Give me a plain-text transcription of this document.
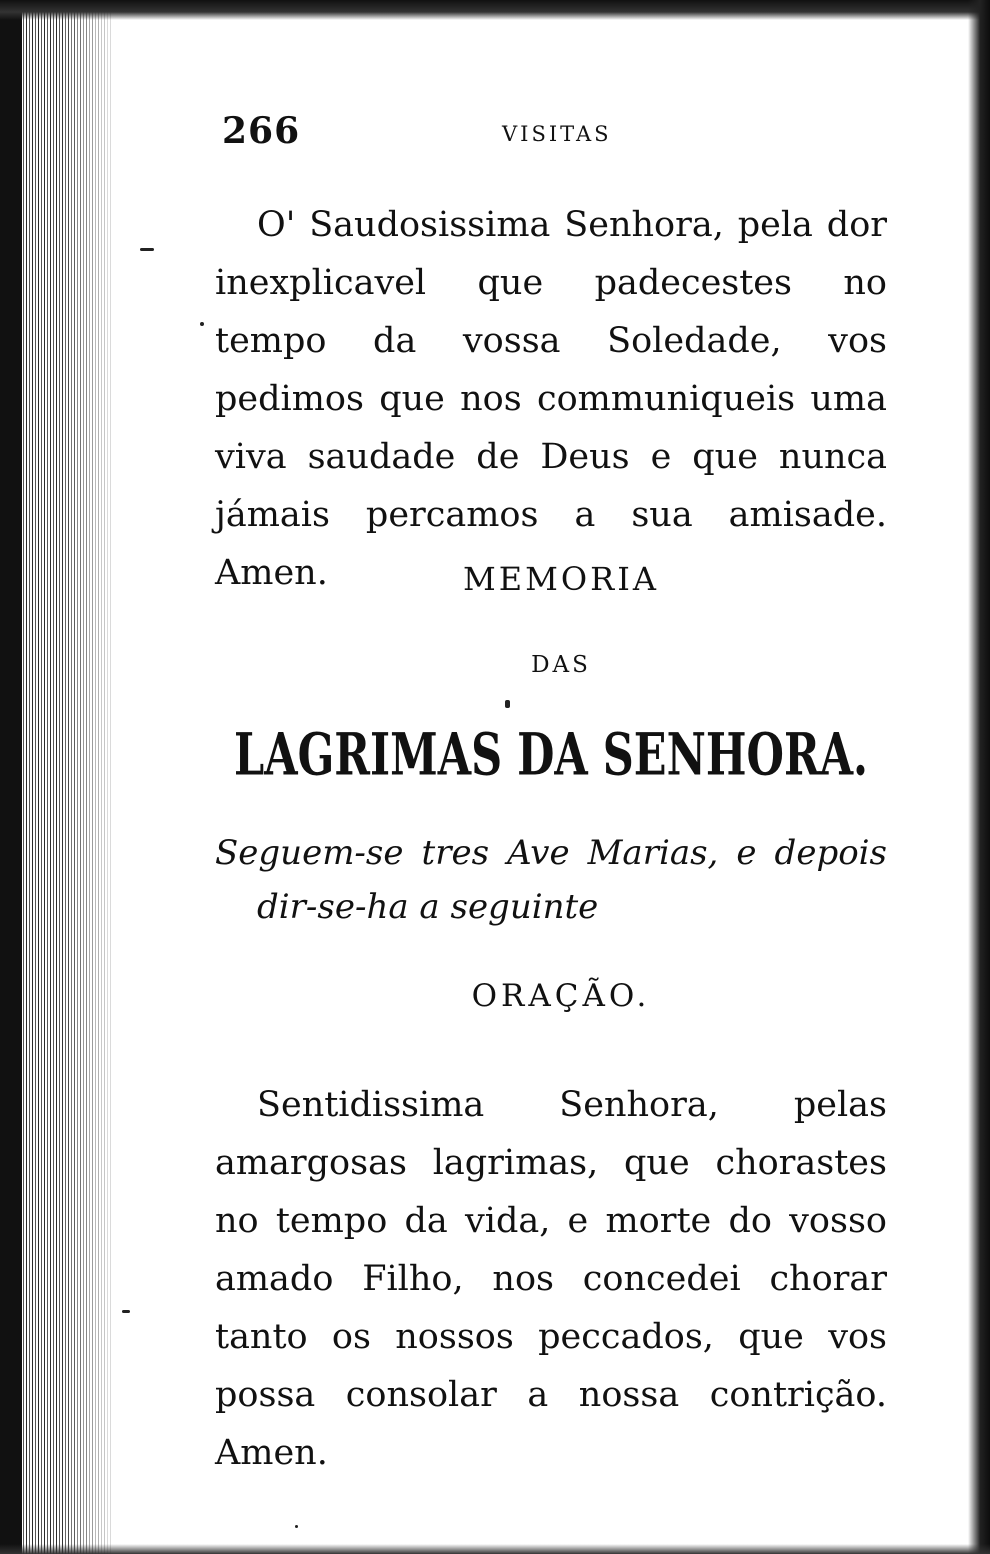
266	VISITAS

O' Saudosissima Senhora, pela dor inexplicavel que padecestes no tempo da vossa Soledade, vos pedimos que nos communiqueis uma viva saudade de Deus e que nunca jámais percamos a sua amisade. Amen.	MEMORIA
DAS
LAGRIMAS DA SENHORA.

Seguem-se tres Ave Marias, e depois
dir-se-ha a seguinte

ORAÇÃO.

Sentidissima Senhora, pelas amargosas lagrimas, que chorastes no tempo da vida, e morte do vosso amado Filho, nos concedei chorar tanto os nossos peccados, que vos possa consolar a nossa contrição. Amen.
